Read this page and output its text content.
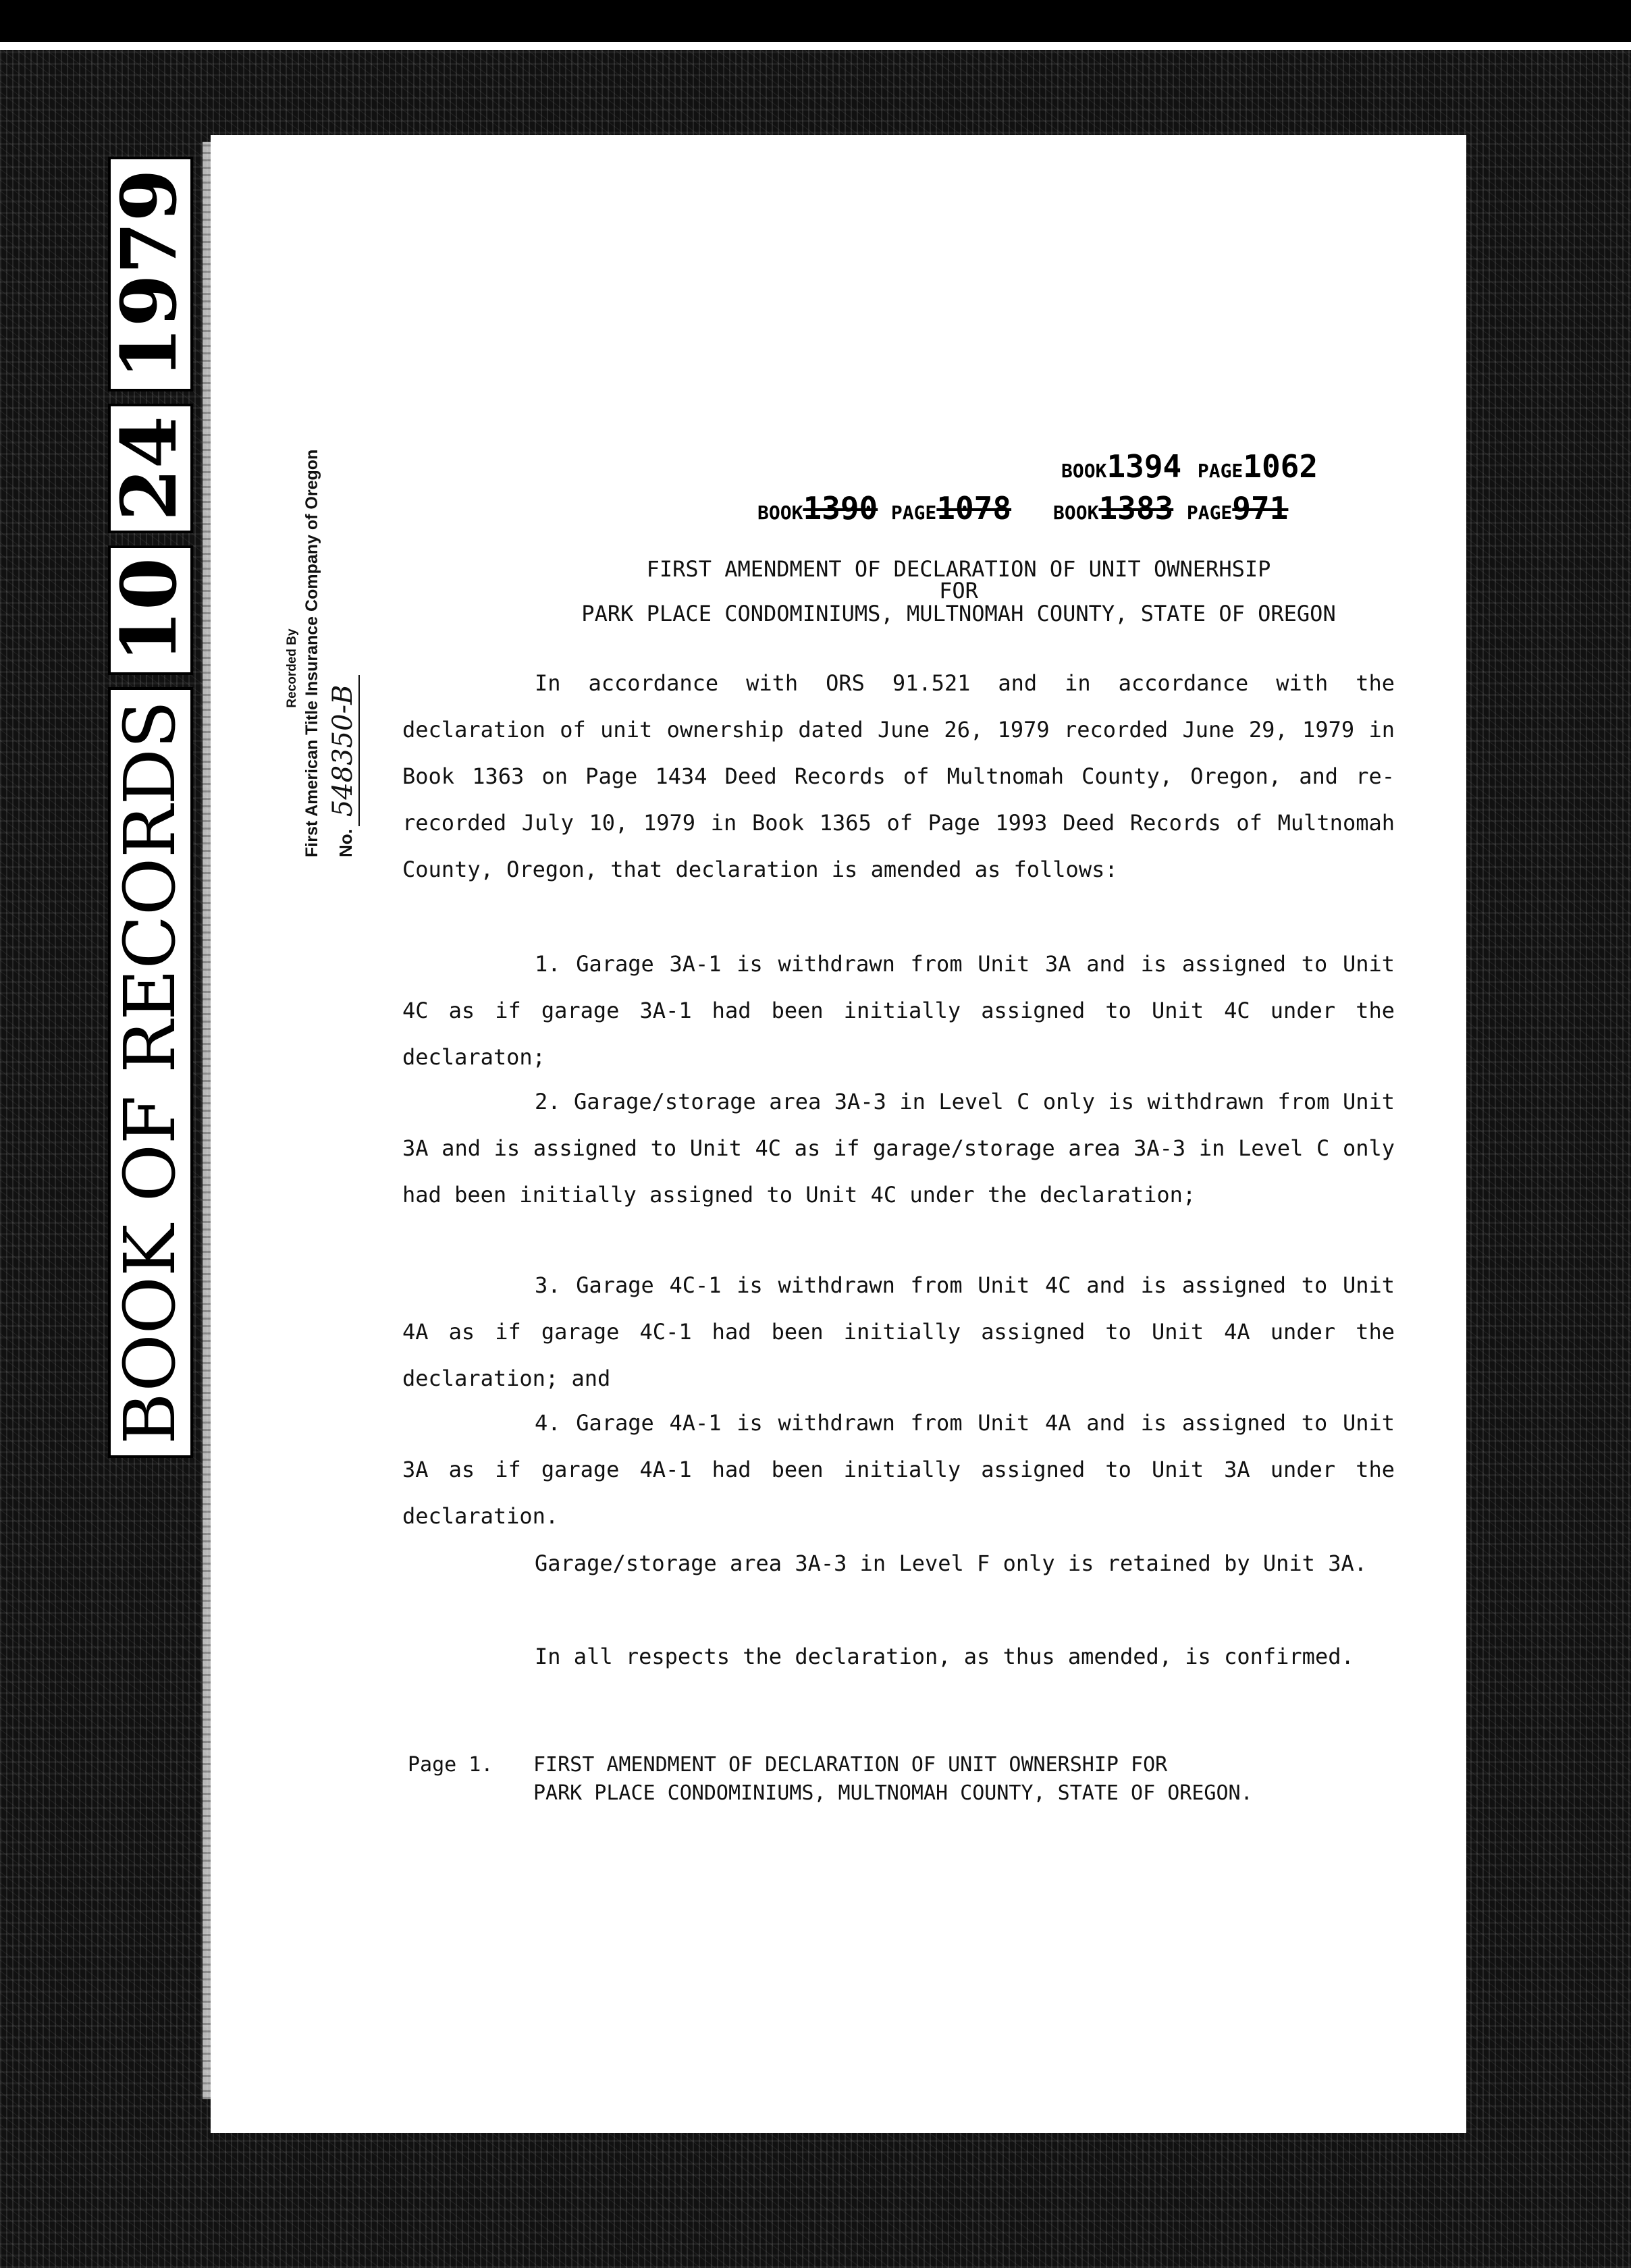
BOOK OF RECORDS
10
24
1979
Recorded By First American Title Insurance Company of Oregon No.
548350-B
BOOK1394 PAGE1062
BOOK1390 PAGE1078 BOOK1383 PAGE971
FIRST AMENDMENT OF DECLARATION OF UNIT OWNERHSIP
FOR
PARK PLACE CONDOMINIUMS, MULTNOMAH COUNTY, STATE OF OREGON
In accordance with ORS 91.521 and in accordance with the declaration of unit ownership dated June 26, 1979 recorded June 29, 1979 in Book 1363 on Page 1434 Deed Records of Multnomah County, Oregon, and re-recorded July 10, 1979 in Book 1365 of Page 1993 Deed Records of Multnomah County, Oregon, that declaration is amended as follows:
1. Garage 3A-1 is withdrawn from Unit 3A and is assigned to Unit 4C as if garage 3A-1 had been initially assigned to Unit 4C under the declaraton;
2. Garage/storage area 3A-3 in Level C only is withdrawn from Unit 3A and is assigned to Unit 4C as if garage/storage area 3A-3 in Level C only had been initially assigned to Unit 4C under the declaration;
3. Garage 4C-1 is withdrawn from Unit 4C and is assigned to Unit 4A as if garage 4C-1 had been initially assigned to Unit 4A under the declaration; and
4. Garage 4A-1 is withdrawn from Unit 4A and is assigned to Unit 3A as if garage 4A-1 had been initially assigned to Unit 3A under the declaration.
Garage/storage area 3A-3 in Level F only is retained by Unit 3A.
In all respects the declaration, as thus amended, is confirmed.
Page 1. FIRST AMENDMENT OF DECLARATION OF UNIT OWNERSHIP FOR
PARK PLACE CONDOMINIUMS, MULTNOMAH COUNTY, STATE OF OREGON.
